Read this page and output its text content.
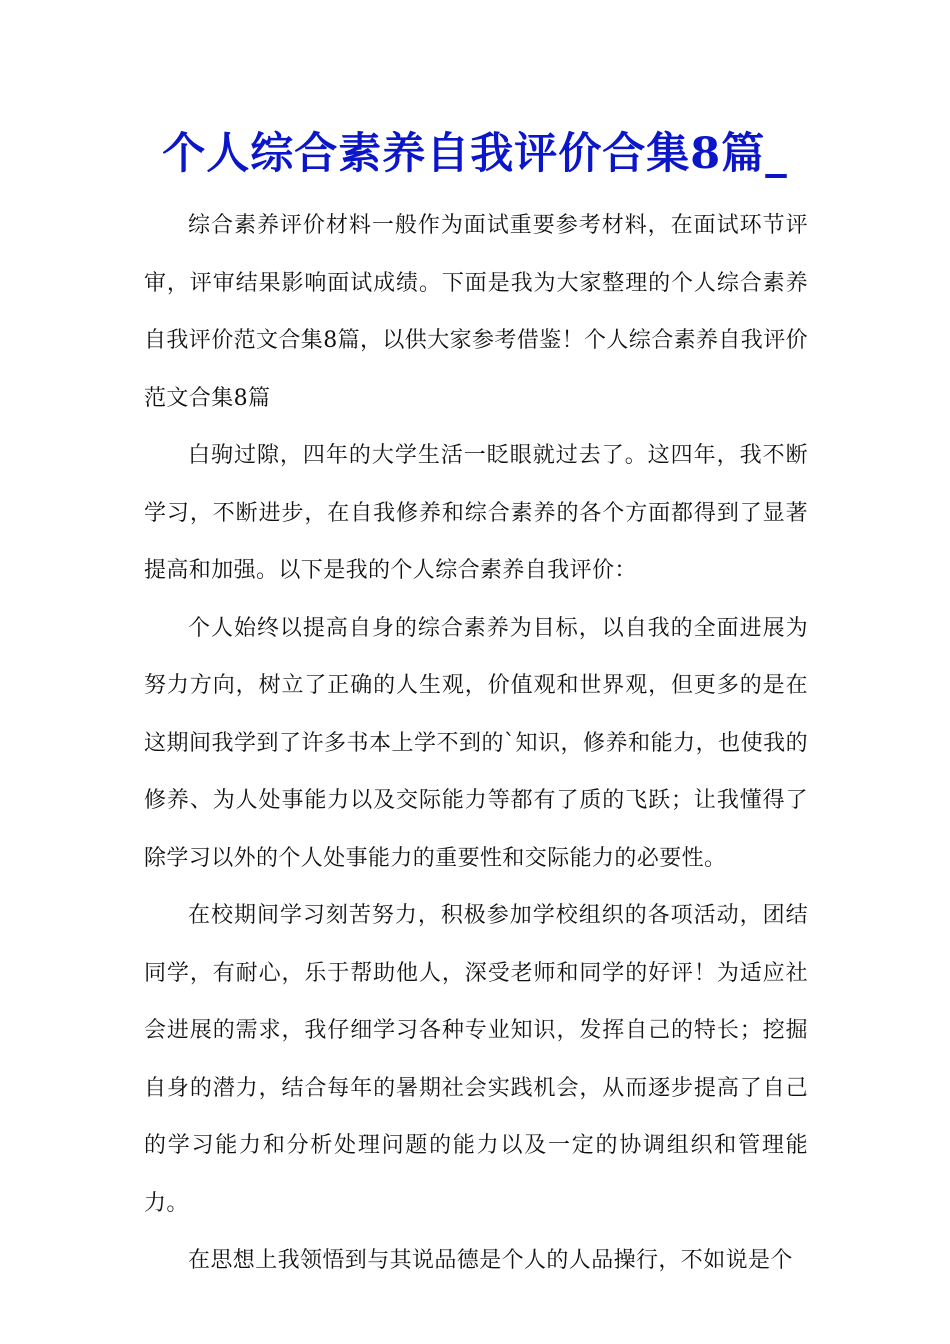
个人综合素养自我评价合集8篇_

综合素养评价材料一般作为面试重要参考材料，在面试环节评审，评审结果影响面试成绩。下面是我为大家整理的个人综合素养自我评价范文合集8篇，以供大家参考借鉴！个人综合素养自我评价范文合集8篇

白驹过隙，四年的大学生活一眨眼就过去了。这四年，我不断学习，不断进步，在自我修养和综合素养的各个方面都得到了显著提高和加强。以下是我的个人综合素养自我评价：

个人始终以提高自身的综合素养为目标，以自我的全面进展为努力方向，树立了正确的人生观，价值观和世界观，但更多的是在这期间我学到了许多书本上学不到的`知识，修养和能力，也使我的修养、为人处事能力以及交际能力等都有了质的飞跃；让我懂得了除学习以外的个人处事能力的重要性和交际能力的必要性。

在校期间学习刻苦努力，积极参加学校组织的各项活动，团结同学，有耐心，乐于帮助他人，深受老师和同学的好评！为适应社会进展的需求，我仔细学习各种专业知识，发挥自己的特长；挖掘自身的潜力，结合每年的暑期社会实践机会，从而逐步提高了自己的学习能力和分析处理问题的能力以及一定的协调组织和管理能力。

在思想上我领悟到与其说品德是个人的人品操行，不如说是个
